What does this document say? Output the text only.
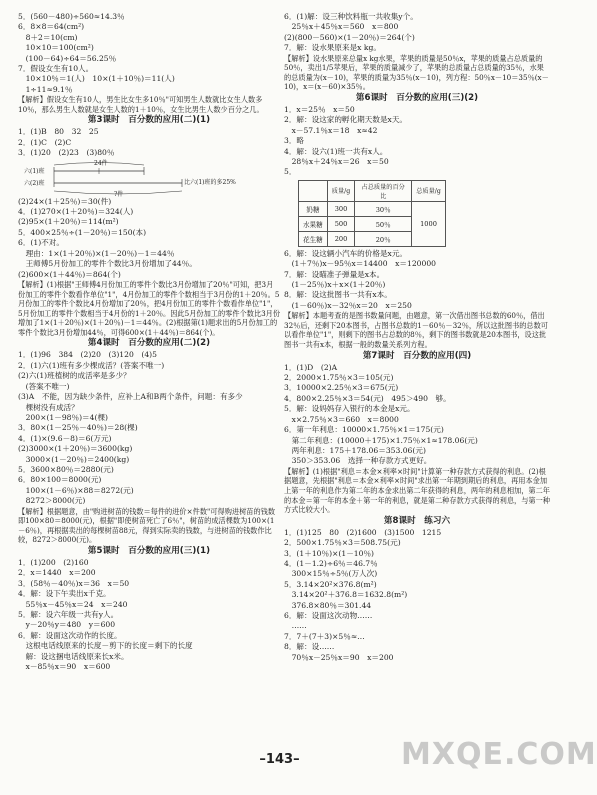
5．(560－480)÷560≈14.3％
6．8×8＝64(cm²)
　8＋2＝10(cm)
　10×10＝100(cm²)
　(100－64)÷64＝56.25％
7．假设女生有10人。
　10×10％＝1(人)　10×(1＋10％)＝11(人)
　1÷11≈9.1％
【解析】假设女生有10人，男生比女生多10％"可知男生人数就比女生人数多10％，那么男生人数就是女生人数的1＋10％，女生比男生人数少百分之几。
第3课时　百分数的应用(二)(1)
1．(1)B　80　32　25
2．(1)C　(2)C
3．(1)20　(2)23　(3)80％
六(1)班
六(2)班
24件
比六(1)班的多25%
?件
(2)24×(1＋25％)＝30(件)
4．(1)270×(1＋20％)＝324(人)
(2)95×(1＋20％)＝114(m²)
5．400×25％÷(1－20％)＝150(本)
6．(1)不对。
　理由：1×(1＋20％)×(1－20％)－1＝44％
　王师傅5月份加工的零件个数比3月份增加了44％。
(2)600×(1＋44％)＝864(个)
【解析】(1)根据"王师傅4月份加工的零件个数比3月份增加了20％"可知，把3月份加工的零件个数看作单位"1"，4月份加工的零件个数相当于3月份的1＋20％。5月份加工的零件个数比4月份增加了20％，把4月份加工的零件个数看作单位"1"，5月份加工的零件个数相当于4月份的1＋20％。因此5月份加工的零件个数比3月份增加了1×(1＋20％)×(1＋20％)－1＝44％。(2)根据第(1)题求出的5月份加工的零件个数比3月份增加44％，可得600×(1＋44％)＝864(个)。
第4课时　百分数的应用(二)(2)
1．(1)96　384　(2)20　(3)120　(4)5
2．(1)六(1)班有多少棵成活？(答案不唯一)
(2)六(1)班植树的成活率是多少？
　(答案不唯一)
(3)A　不能，因为缺少条件，应补上A和B两个条件，问题：有多少
　棵树没有成活？
　200×(1－98％)＝4(棵)
3．80×(1－25％－40％)＝28(棵)
4．(1)×(9.6－8)＝6(万元)
(2)3000×(1＋20％)＝3600(kg)
　3000×(1－20％)＝2400(kg)
5．3600×80％＝2880(元)
6．80×100＝8000(元)
　100×(1－6％)×88＝8272(元)
　8272＞8000(元)
【解析】根据题意，由"购进树苗的钱数＝每件的进价×件数"可得购进树苗的钱数即100×80＝8000(元)，根据"即使树苗死亡了6％"，树苗的成活棵数为100×(1－6％)，再根据卖出的每棵树苗88元，得到实际卖的钱数，与进树苗的钱数作比较，8272＞8000(元)。
第5课时　百分数的应用(三)(1)
1．(1)200　(2)160
2．x＝1440　x＝200
3．(58％－40％)x＝36　x＝50
4．解：设下午卖出x千克。
　55％x－45％x＝24　x＝240
5．解：设六年级一共有y人。
　y－20％y＝480　y＝600
6．解：设面这次动作的长度。
　这根电话线原来的长度－剪下的长度＝剩下的长度
　解：设这捆电话线原来长x米。
　x－85％x＝90　x＝600
6．(1)解：设三种饮料瓶一共收集y个。
　25％x＋45％x＝560　x＝800
(2)(800－560)×(1－20％)＝264(个)
7．解：设水果原来是x kg。
【解析】设水果原来总量x kg水果，苹果的质量是50％x，苹果的质量占总质量的50％，卖出1/5苹果后，苹果的质量减少了，苹果的总质量占总质量的35％，水果的总质量为(x－10)，苹果的质量为35％(x－10)，列方程：50％x－10＝35％(x－10)，x＝(x－60)×35％。
第6课时　百分数的应用(三)(2)
1．x＝25％　x＝50
2．解：设这家的孵化期天数是x天。
　x－57.1％x＝18　x≈42
3．略
4．解：设六(1)班一共有x人。
　28％x＋24％x＝26　x＝50
5．
	质量/g	占总质量的百分比	总质量/g
奶糖	300	30％	1000
水果糖	500	50％	
花生糖	200	20％	
6．解：设这辆小汽车的价格是x元。
　(1＋7％)x－95％x＝14400　x＝120000
7．解：设瞄准子弹量是x本。
　(1－25％)x＋x×(1＋20％)
8．解：设这批图书一共有x本。
　(1－60％)x－32％x＝20　x＝250
【解析】本题考查的是图书数量问题，由题意，第一次借出图书总数的60％，借出32％后，还剩下20本图书，占图书总数的1－60％－32％，所以这批图书的总数可以看作单位"1"，则剩下的图书占总数的8％，剩下的图书数就是20本图书，设这批图书一共有x本，根据一般的数量关系列方程。
第7课时　百分数的应用(四)
1．(1)D　(2)A
2．2000×1.75％×3＝105(元)
3．10000×2.25％×3＝675(元)
4．800×2.25％×3＝54(元)　495＞490　够。
5．解：设妈妈存入银行的本金是x元。
　x×2.75％×3＝660　x＝8000
6．第一年利息：10000×1.75％×1＝175(元)
　第二年利息：(10000＋175)×1.75％×1≈178.06(元)
　两年利息：175＋178.06＝353.06(元)
　350＞353.06　选择一种存款方式更好。
【解析】(1)根据"利息＝本金×利率×时间"计算第一种存款方式获得的利息。(2)根据题意，先根据"利息＝本金×利率×时间"求出第一年期到期后的利息，再用本金加上第一年的利息作为第二年的本金求出第二年获得的利息，两年的利息相加，第二年的本金＝第一年的本金＋第一年的利息，就是第二种存款方式获得的利息，与第一种方式比较大小。
第8课时　练习六
1．(1)125　80　(2)1600　(3)1500　1215
2．500×1.75％×3＝508.75(元)
3．(1＋10％)×(1－10％)
4．(1－1.2)÷6％＝46.7％
　300×15％÷5％(万人次)
5．3.14×20²×376.8(m²)
　3.14×20²＋376.8＝1632.8(m²)
　376.8×80％＝301.44
6．解：设面这次动物……
　……
7．7＋(7＋3)×5％≈…
8．解：设……
　70％x－25％x＝90　x＝200
–143–	MXQE.COM
